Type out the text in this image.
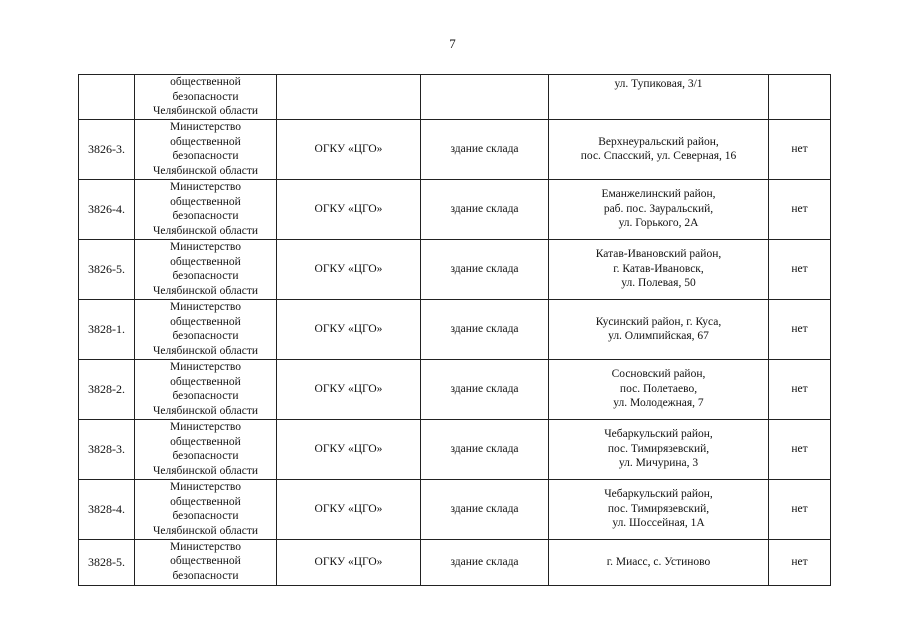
7

	общественной
безопасности
Челябинской области			ул. Тупиковая, 3/1	

3826-3.	Министерство
общественной
безопасности
Челябинской области	ОГКУ «ЦГО»	здание склада	Верхнеуральский район,
пос. Спасский, ул. Северная, 16	нет
3826-4.	Министерство
общественной
безопасности
Челябинской области	ОГКУ «ЦГО»	здание склада	Еманжелинский район,
раб. пос. Зауральский,
ул. Горького, 2А	нет
3826-5.	Министерство
общественной
безопасности
Челябинской области	ОГКУ «ЦГО»	здание склада	Катав-Ивановский район,
г. Катав-Ивановск,
ул. Полевая, 50	нет
3828-1.	Министерство
общественной
безопасности
Челябинской области	ОГКУ «ЦГО»	здание склада	Кусинский район, г. Куса,
ул. Олимпийская, 67	нет
3828-2.	Министерство
общественной
безопасности
Челябинской области	ОГКУ «ЦГО»	здание склада	Сосновский район,
пос. Полетаево,
ул. Молодежная, 7	нет
3828-3.	Министерство
общественной
безопасности
Челябинской области	ОГКУ «ЦГО»	здание склада	Чебаркульский район,
пос. Тимирязевский,
ул. Мичурина, 3	нет
3828-4.	Министерство
общественной
безопасности
Челябинской области	ОГКУ «ЦГО»	здание склада	Чебаркульский район,
пос. Тимирязевский,
ул. Шоссейная, 1А	нет
3828-5.	Министерство
общественной
безопасности	ОГКУ «ЦГО»	здание склада	г. Миасс, с. Устиново	нет
